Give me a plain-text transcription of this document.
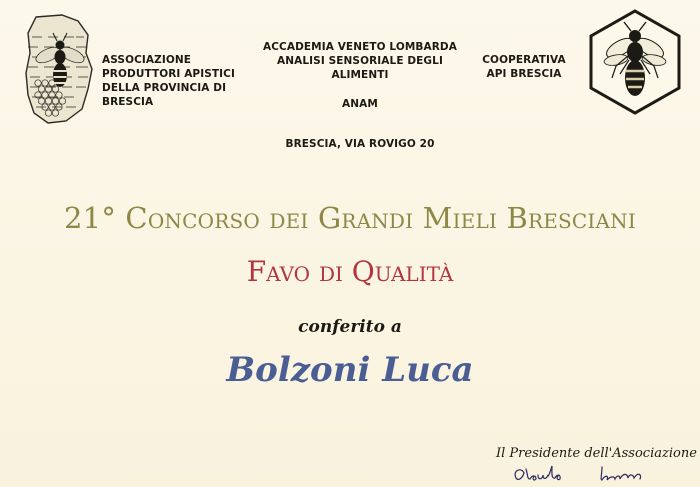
ASSOCIAZIONE
PRODUTTORI APISTICI
DELLA PROVINCIA DI
BRESCIA
ACCADEMIA VENETO LOMBARDA
ANALISI SENSORIALE DEGLI
ALIMENTI
ANAM
COOPERATIVA
API BRESCIA
BRESCIA, VIA ROVIGO 20
21° Concorso dei Grandi Mieli Bresciani
Favo di Qualità
conferito a
Bolzoni Luca
Il Presidente dell'Associazione
